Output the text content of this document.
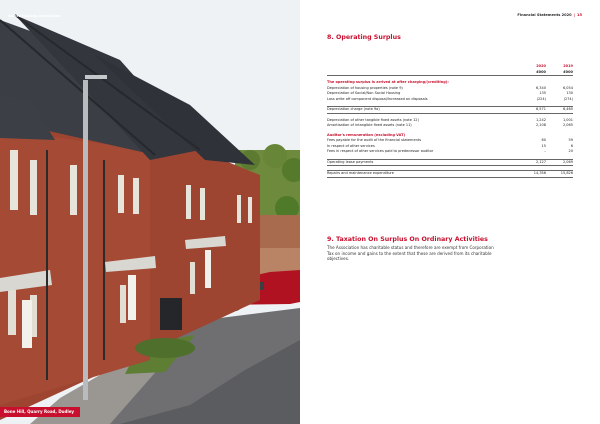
Accord Housing Association
Bone Hill, Quarry Road, Dudley
Financial Statements 2020 | 15
8. Operating Surplus
2020	2019
£000	£000
The operating surplus is arrived at after charging/(crediting):
Depreciation of housing properties (note 9)	6,340	6,054
Depreciation of Social/Non Social Housing	135	130
Loss write off component disposal/Increased on disposals	(224)	(274)
Depreciation charge (note 9a)	6,571	6,465
Depreciation of other tangible fixed assets (note 12)	1,242	1,001
Amortisation of intangible fixed assets (note 11)	2,108	2,065
Auditor's remuneration (excluding VAT)
Fees payable for the audit of the financial statements	60	59
In respect of other services	15	6
Fees in respect of other services paid to predecessor auditor	–	20
Operating lease payments	2,127	2,069
Repairs and maintenance expenditure	14,356	15,826
9. Taxation On Surplus On Ordinary Activities
The Association has charitable status and therefore are exempt from Corporation Tax on income and gains to the extent that these are derived from its charitable objectives.
